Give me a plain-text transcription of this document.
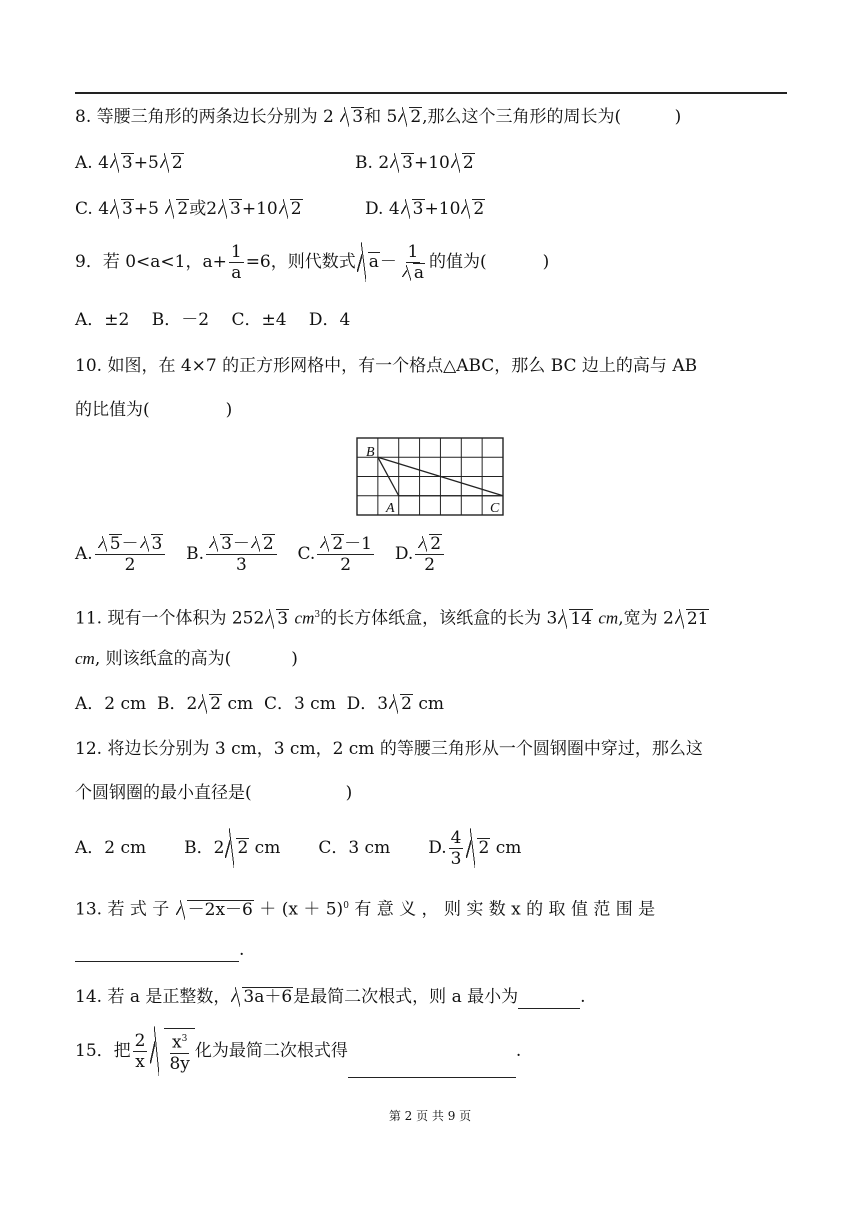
8. 等腰三角形的两条边长分别为 2 3和 5 2,那么这个三角形的周长为(	)
A. 4 3+5 2	B. 2 3+10 2
C. 4 3+5 2或2 3+10 2	D. 4 3+10 2
9．若 0<a<1，$a+ \frac{1}{a} =6$，则代数式 $a- \frac{1}{a}$ 的值为(	)
A．±2　 B．－2　 C．±4　 D．4
10. 如图，在 4×7 的正方形网格中，有一个格点△ABC，那么 BC 边上的高与 AB
的比值为(	)
B
A	C
A. $\frac{5- 3}{2} B$. $\frac{3- 2}{3} C$. $\frac{2-1}{2} D$. $\frac{2}{2}$
11. 现有一个体积为 252 3 $cm^3$的长方体纸盒，该纸盒的长为 3 14 cm,宽为 2 21
cm, 则该纸盒的高为(	)
A．2 cm B．2 2 cm C．3 cm D．3 2 cm
12. 将边长分别为 3 cm，3 cm，2 cm 的等腰三角形从一个圆钢圈中穿过，那么这
个圆钢圈的最小直径是(	)
A．2 cm B．2 2 cm C．3 cm D. $\frac{4}{3} 2$ cm
13. 若 式 子 $-2x-6 + (x + 5)^0$ 有 意 义 ， 则 实 数 x 的 取 值 范 围 是
.
14. 若 a 是正整数， 3a＋6是最简二次根式，则 a 最小为	.
15．把 $\frac{2}{x} \frac{x^3}{8y}$ 化为最简二次根式得	.
第 2 页 共 9 页
